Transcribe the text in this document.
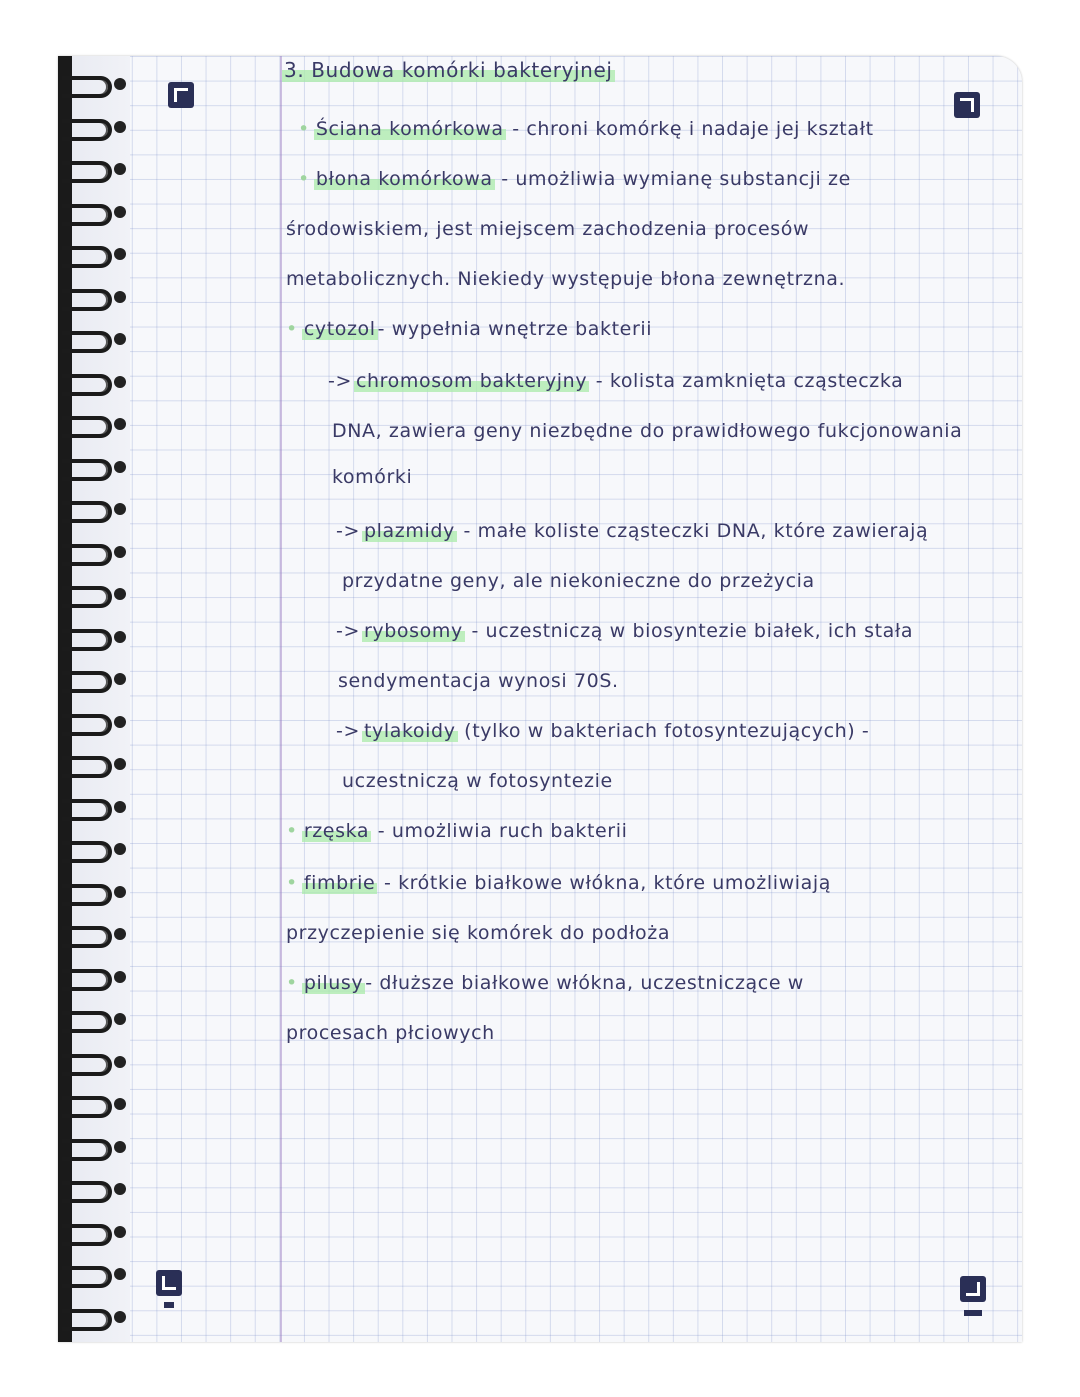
3. Budowa komórki bakteryjnej
• Ściana komórkowa - chroni komórkę i nadaje jej kształt
• błona komórkowa - umożliwia wymianę substancji ze
środowiskiem, jest miejscem zachodzenia procesów
metabolicznych. Niekiedy występuje błona zewnętrzna.
• cytozol - wypełnia wnętrze bakterii
-> chromosom bakteryjny - kolista zamknięta cząsteczka
DNA, zawiera geny niezbędne do prawidłowego fukcjonowania
komórki
-> plazmidy - małe koliste cząsteczki DNA, które zawierają
przydatne geny, ale niekonieczne do przeżycia
-> rybosomy - uczestniczą w biosyntezie białek, ich stała
sendymentacja wynosi 70S.
-> tylakoidy (tylko w bakteriach fotosyntezujących) -
uczestniczą w fotosyntezie
• rzęska - umożliwia ruch bakterii
• fimbrie - krótkie białkowe włókna, które umożliwiają
przyczepienie się komórek do podłoża
• pilusy - dłuższe białkowe włókna, uczestniczące w
procesach płciowych
